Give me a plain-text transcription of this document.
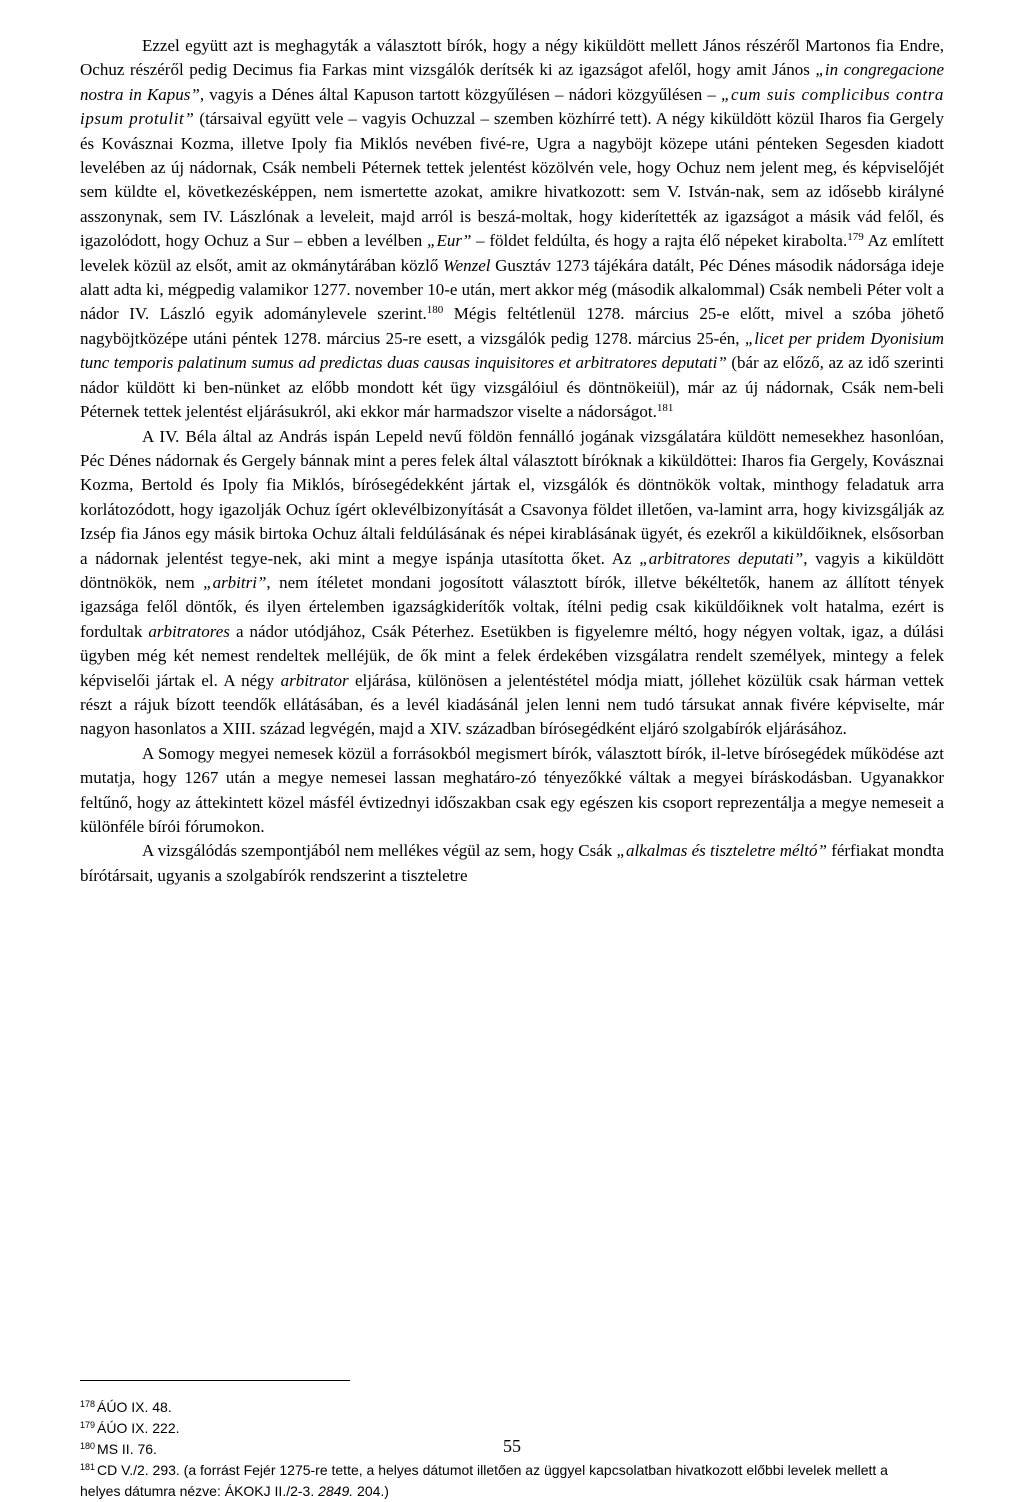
Ezzel együtt azt is meghagyták a választott bírók, hogy a négy kiküldött mellett János részéről Martonos fia Endre, Ochuz részéről pedig Decimus fia Farkas mint vizsgálók derítsék ki az igazságot afelől, hogy amit János „in congregacione nostra in Kapus”, vagyis a Dénes által Kapuson tartott közgyűlésen – nádori közgyűlésen – „cum suis complicibus contra ipsum protulit” (társaival együtt vele – vagyis Ochuzzal – szemben közhírré tett). A négy kiküldött közül Iharos fia Gergely és Kovásznai Kozma, illetve Ipoly fia Miklós nevében fivé-re, Ugra a nagyböjt közepe utáni pénteken Segesden kiadott levelében az új nádornak, Csák nembeli Péternek tettek jelentést közölvén vele, hogy Ochuz nem jelent meg, és képviselőjét sem küldte el, következésképpen, nem ismertette azokat, amikre hivatkozott: sem V. István-nak, sem az idősebb királyné asszonynak, sem IV. Lászlónak a leveleit, majd arról is beszá-moltak, hogy kiderítették az igazságot a másik vád felől, és igazolódott, hogy Ochuz a Sur – ebben a levélben „Eur” – földet feldúlta, és hogy a rajta élő népeket kirabolta.$^{179}$ Az említett levelek közül az elsőt, amit az okmánytárában közlő Wenzel Gusztáv 1273 tájékára datált, Péc Dénes második nádorsága ideje alatt adta ki, mégpedig valamikor 1277. november 10-e után, mert akkor még (második alkalommal) Csák nembeli Péter volt a nádor IV. László egyik adománylevele szerint.$^{180}$ Mégis feltétlenül 1278. március 25-e előtt, mivel a szóba jöhető nagyböjtközépe utáni péntek 1278. március 25-re esett, a vizsgálók pedig 1278. március 25-én, „licet per pridem Dyonisium tunc temporis palatinum sumus ad predictas duas causas inquisitores et arbitratores deputati” (bár az előző, az az idő szerinti nádor küldött ki ben-nünket az előbb mondott két ügy vizsgálóiul és döntnökeiül), már az új nádornak, Csák nem-beli Péternek tettek jelentést eljárásukról, aki ekkor már harmadszor viselte a nádorságot.$^{181}$

A IV. Béla által az András ispán Lepeld nevű földön fennálló jogának vizsgálatára küldött nemesekhez hasonlóan, Péc Dénes nádornak és Gergely bánnak mint a peres felek által választott bíróknak a kiküldöttei: Iharos fia Gergely, Kovásznai Kozma, Bertold és Ipoly fia Miklós, bírósegédekként jártak el, vizsgálók és döntnökök voltak, minthogy feladatuk arra korlátozódott, hogy igazolják Ochuz ígért oklevélbizonyítását a Csavonya földet illetően, va-lamint arra, hogy kivizsgálják az Izsép fia János egy másik birtoka Ochuz általi feldúlásának és népei kirablásának ügyét, és ezekről a kiküldőiknek, elsősorban a nádornak jelentést tegye-nek, aki mint a megye ispánja utasította őket. Az „arbitratores deputati”, vagyis a kiküldött döntnökök, nem „arbitri”, nem ítéletet mondani jogosított választott bírók, illetve békéltetők, hanem az állított tények igazsága felől döntők, és ilyen értelemben igazságkiderítők voltak, ítélni pedig csak kiküldőiknek volt hatalma, ezért is fordultak arbitratores a nádor utódjához, Csák Péterhez. Esetükben is figyelemre méltó, hogy négyen voltak, igaz, a dúlási ügyben még két nemest rendeltek melléjük, de ők mint a felek érdekében vizsgálatra rendelt személyek, mintegy a felek képviselői jártak el. A négy arbitrator eljárása, különösen a jelentéstétel módja miatt, jóllehet közülük csak hárman vettek részt a rájuk bízott teendők ellátásában, és a levél kiadásánál jelen lenni nem tudó társukat annak fivére képviselte, már nagyon hasonlatos a XIII. század legvégén, majd a XIV. században bírósegédként eljáró szolgabírók eljárásához.

A Somogy megyei nemesek közül a forrásokból megismert bírók, választott bírók, il-letve bírósegédek működése azt mutatja, hogy 1267 után a megye nemesei lassan meghatáro-zó tényezőkké váltak a megyei bíráskodásban. Ugyanakkor feltűnő, hogy az áttekintett közel másfél évtizednyi időszakban csak egy egészen kis csoport reprezentálja a megye nemeseit a különféle bírói fórumokon.

A vizsgálódás szempontjából nem mellékes végül az sem, hogy Csák „alkalmas és tiszteletre méltó” férfiakat mondta bírótársait, ugyanis a szolgabírók rendszerint a tiszteletre

$^{178}$ ÁÚO IX. 48.
$^{179}$ ÁÚO IX. 222.
$^{180}$ MS II. 76.
$^{181}$ CD V./2. 293. (a forrást Fejér 1275-re tette, a helyes dátumot illetően az üggyel kapcsolatban hivatkozott előbbi levelek mellett a helyes dátumra nézve: ÁKOKJ II./2-3. 2849. 204.)
55
